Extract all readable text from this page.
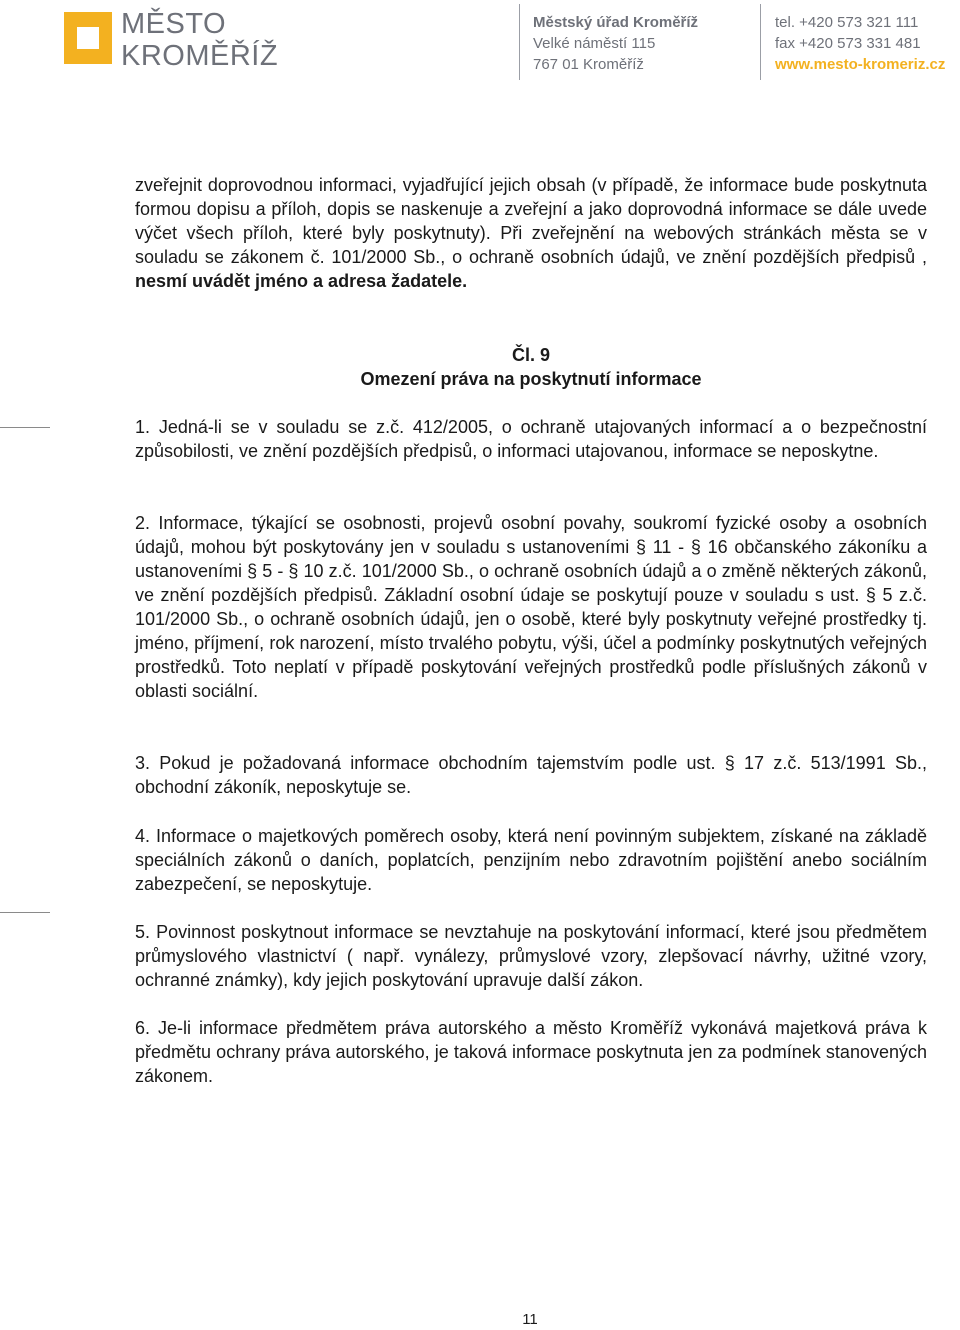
MĚSTO
KROMĚŘÍŽ
Městský úřad Kroměříž
Velké náměstí 115
767 01 Kroměříž
tel. +420 573 321 111
fax +420 573 331 481
www.mesto-kromeriz.cz

zveřejnit doprovodnou informaci, vyjadřující jejich obsah (v případě, že informace bude poskytnuta formou dopisu a příloh, dopis se naskenuje a zveřejní a jako doprovodná informace se dále uvede výčet všech příloh, které byly poskytnuty). Při zveřejnění na webových stránkách města se v souladu se zákonem č. 101/2000 Sb., o ochraně osobních údajů, ve znění pozdějších předpisů , nesmí uvádět jméno a adresa žadatele.

Čl. 9
Omezení práva na poskytnutí informace
1. Jedná-li se v souladu se z.č. 412/2005, o ochraně utajovaných informací a o bezpečnostní způsobilosti, ve znění pozdějších předpisů, o informaci utajovanou, informace se neposkytne.
2. Informace, týkající se osobnosti, projevů osobní povahy, soukromí fyzické osoby a osobních údajů, mohou být poskytovány jen v souladu s ustanoveními § 11 - § 16 občanského zákoníku a ustanoveními § 5 - § 10 z.č. 101/2000 Sb., o ochraně osobních údajů a o změně některých zákonů, ve znění pozdějších předpisů. Základní osobní údaje se poskytují pouze v souladu s ust. § 5 z.č. 101/2000 Sb., o ochraně osobních údajů, jen o osobě, které byly poskytnuty veřejné prostředky tj. jméno, příjmení, rok narození, místo trvalého pobytu, výši, účel a podmínky poskytnutých veřejných prostředků. Toto neplatí v případě poskytování veřejných prostředků podle příslušných zákonů v oblasti sociální.
3. Pokud je požadovaná informace obchodním tajemstvím podle ust. § 17 z.č. 513/1991 Sb., obchodní zákoník, neposkytuje se.
4. Informace o majetkových poměrech osoby, která není povinným subjektem, získané na základě speciálních zákonů o daních, poplatcích, penzijním nebo zdravotním pojištění anebo sociálním zabezpečení, se neposkytuje.
5. Povinnost poskytnout informace se nevztahuje na poskytování informací, které jsou předmětem průmyslového vlastnictví ( např. vynálezy, průmyslové vzory, zlepšovací návrhy, užitné vzory, ochranné známky), kdy jejich poskytování upravuje další zákon.
6. Je-li informace předmětem práva autorského a město Kroměříž vykonává majetková práva k předmětu ochrany práva autorského, je taková informace poskytnuta jen za podmínek stanovených zákonem.
11
